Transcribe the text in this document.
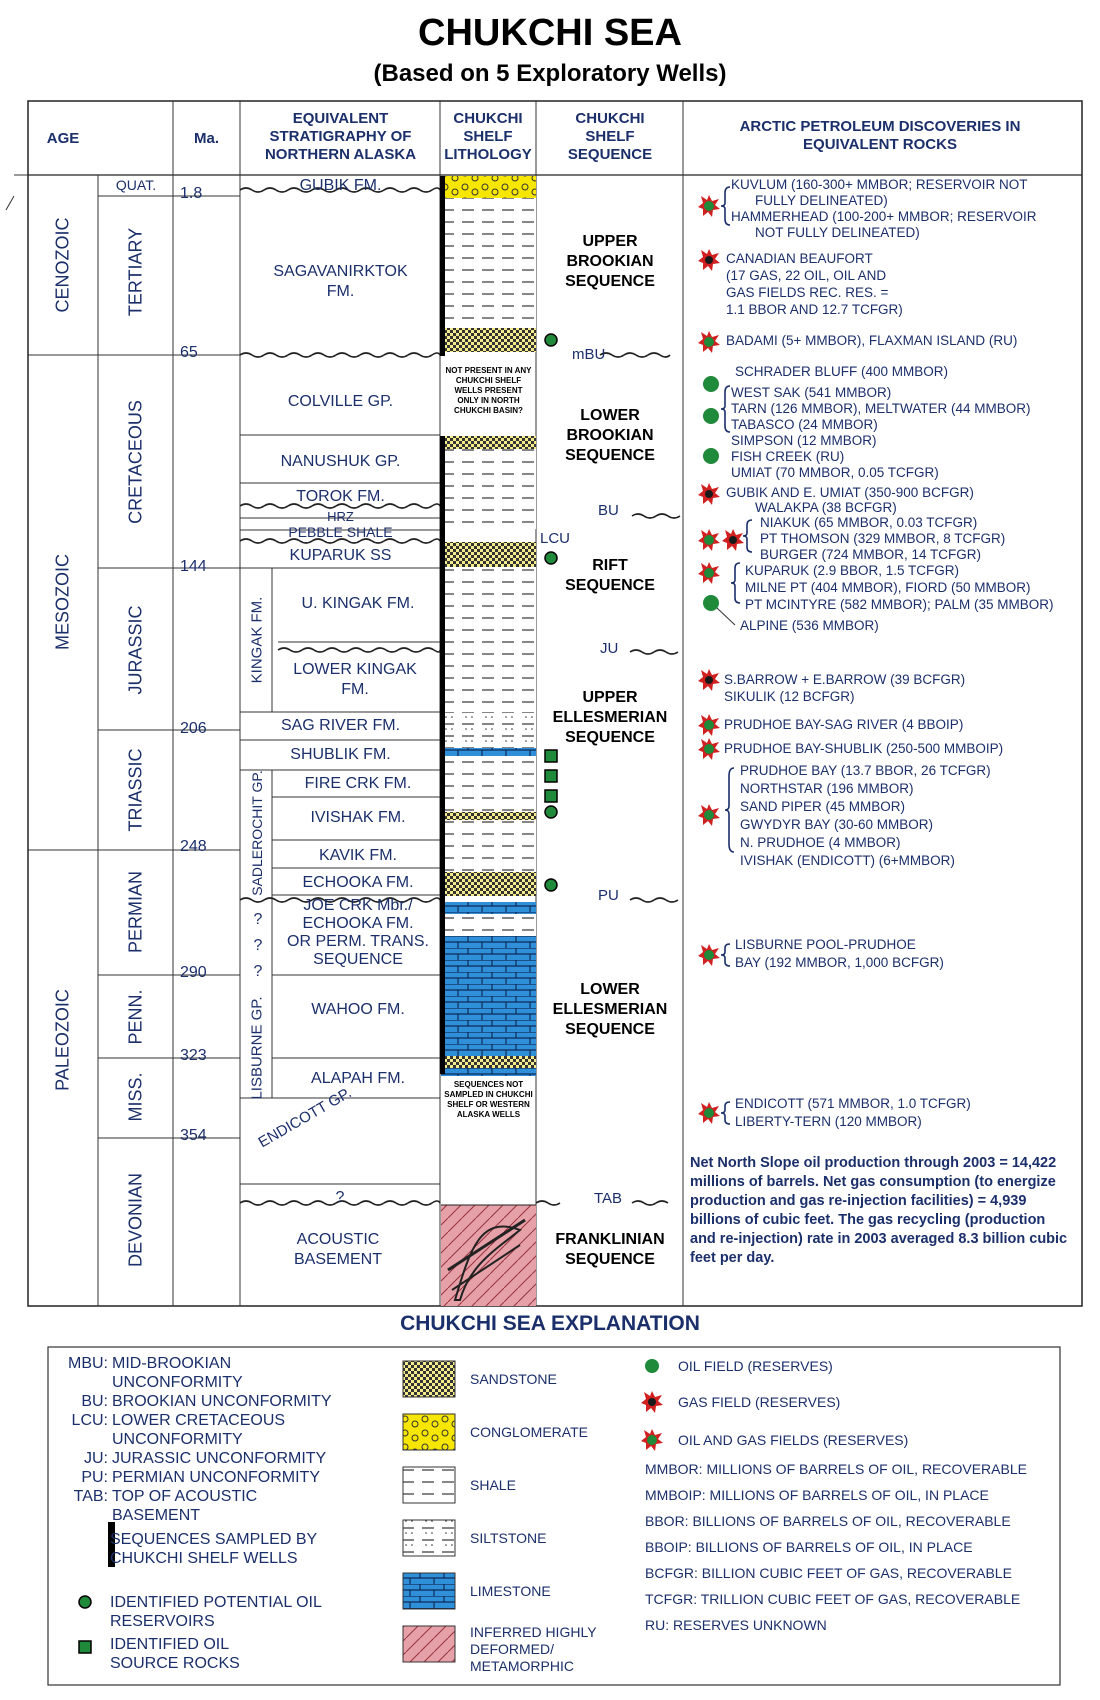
CHUKCHI SEA
(Based on 5 Exploratory Wells)
AGE	Ma.
EQUIVALENT STRATIGRAPHY OF NORTHERN ALASKA
CHUKCHI SHELF LITHOLOGY
CHUKCHI SHELF SEQUENCE
ARCTIC PETROLEUM DISCOVERIES IN EQUIVALENT ROCKS
CENOZOIC
MESOZOIC
PALEOZOIC
QUAT.
TERTIARY
CRETACEOUS
JURASSIC
TRIASSIC
PERMIAN
PENN.
MISS.
DEVONIAN
1.8
65
144
206
248
290
323
354
GUBIK FM.
SAGAVANIRKTOK FM.
COLVILLE GP.
NANUSHUK GP.
TOROK FM.
HRZ
PEBBLE SHALE
KUPARUK SS
U. KINGAK FM.
LOWER KINGAK FM.
SAG RIVER FM.
SHUBLIK FM.
FIRE CRK FM.
IVISHAK FM.
KAVIK FM.
ECHOOKA FM.
JOE CRK Mbr./
ECHOOKA FM.
OR PERM. TRANS.
SEQUENCE
WAHOO FM.
ALAPAH FM.
ACOUSTIC BASEMENT
KINGAK FM.
SADLEROCHIT GP.
LISBURNE GP.
ENDICOTT GP.
?
?
?
?
NOT PRESENT IN ANY CHUKCHI SHELF WELLS PRESENT ONLY IN NORTH CHUKCHI BASIN?
SEQUENCES NOT SAMPLED IN CHUKCHI SHELF OR WESTERN ALASKA WELLS
mBU
BU
LCU
JU
PU
TAB
UPPER BROOKIAN SEQUENCE
LOWER BROOKIAN SEQUENCE
RIFT SEQUENCE
UPPER ELLESMERIAN SEQUENCE
LOWER ELLESMERIAN SEQUENCE
FRANKLINIAN SEQUENCE
KUVLUM (160-300+ MMBOR; RESERVOIR NOT
FULLY DELINEATED)
HAMMERHEAD (100-200+ MMBOR; RESERVOIR
NOT FULLY DELINEATED)
CANADIAN BEAUFORT
(17 GAS, 22 OIL, OIL AND
GAS FIELDS REC. RES. =
1.1 BBOR AND 12.7 TCFGR)
BADAMI (5+ MMBOR), FLAXMAN ISLAND (RU)
SCHRADER BLUFF (400 MMBOR)
WEST SAK (541 MMBOR)
TARN (126 MMBOR), MELTWATER (44 MMBOR)
TABASCO (24 MMBOR)
SIMPSON (12 MMBOR)
FISH CREEK (RU)
UMIAT (70 MMBOR, 0.05 TCFGR)
GUBIK AND E. UMIAT (350-900 BCFGR)
WALAKPA (38 BCFGR)
NIAKUK (65 MMBOR, 0.03 TCFGR)
PT THOMSON (329 MMBOR, 8 TCFGR)
BURGER (724 MMBOR, 14 TCFGR)
KUPARUK (2.9 BBOR, 1.5 TCFGR)
MILNE PT (404 MMBOR), FIORD (50 MMBOR)
PT MCINTYRE (582 MMBOR); PALM (35 MMBOR)
ALPINE (536 MMBOR)
S.BARROW + E.BARROW (39 BCFGR)
SIKULIK (12 BCFGR)
PRUDHOE BAY-SAG RIVER (4 BBOIP)
PRUDHOE BAY-SHUBLIK (250-500 MMBOIP)
PRUDHOE BAY (13.7 BBOR, 26 TCFGR)
NORTHSTAR (196 MMBOR)
SAND PIPER (45 MMBOR)
GWYDYR BAY (30-60 MMBOR)
N. PRUDHOE (4 MMBOR)
IVISHAK (ENDICOTT) (6+MMBOR)
LISBURNE POOL-PRUDHOE
BAY (192 MMBOR, 1,000 BCFGR)
ENDICOTT (571 MMBOR, 1.0 TCFGR)
LIBERTY-TERN (120 MMBOR)
Net North Slope oil production through 2003 = 14,422 millions of barrels. Net gas consumption (to energize production and gas re-injection facilities) = 4,939 billions of cubic feet. The gas recycling (production and re-injection) rate in 2003 averaged 8.3 billion cubic feet per day.
CHUKCHI SEA EXPLANATION
MBU: MID-BROOKIAN UNCONFORMITY
BU: BROOKIAN UNCONFORMITY
LCU: LOWER CRETACEOUS UNCONFORMITY
JU: JURASSIC UNCONFORMITY
PU: PERMIAN UNCONFORMITY
TAB: TOP OF ACOUSTIC BASEMENT
SEQUENCES SAMPLED BY CHUKCHI SHELF WELLS
IDENTIFIED POTENTIAL OIL RESERVOIRS
IDENTIFIED OIL SOURCE ROCKS
SANDSTONE
CONGLOMERATE
SHALE
SILTSTONE
LIMESTONE
INFERRED HIGHLY DEFORMED/ METAMORPHIC
OIL FIELD (RESERVES)
GAS FIELD (RESERVES)
OIL AND GAS FIELDS (RESERVES)
MMBOR: MILLIONS OF BARRELS OF OIL, RECOVERABLE
MMBOIP: MILLIONS OF BARRELS OF OIL, IN PLACE
BBOR: BILLIONS OF BARRELS OF OIL, RECOVERABLE
BBOIP: BILLIONS OF BARRELS OF OIL, IN PLACE
BCFGR: BILLION CUBIC FEET OF GAS, RECOVERABLE
TCFGR: TRILLION CUBIC FEET OF GAS, RECOVERABLE
RU: RESERVES UNKNOWN
